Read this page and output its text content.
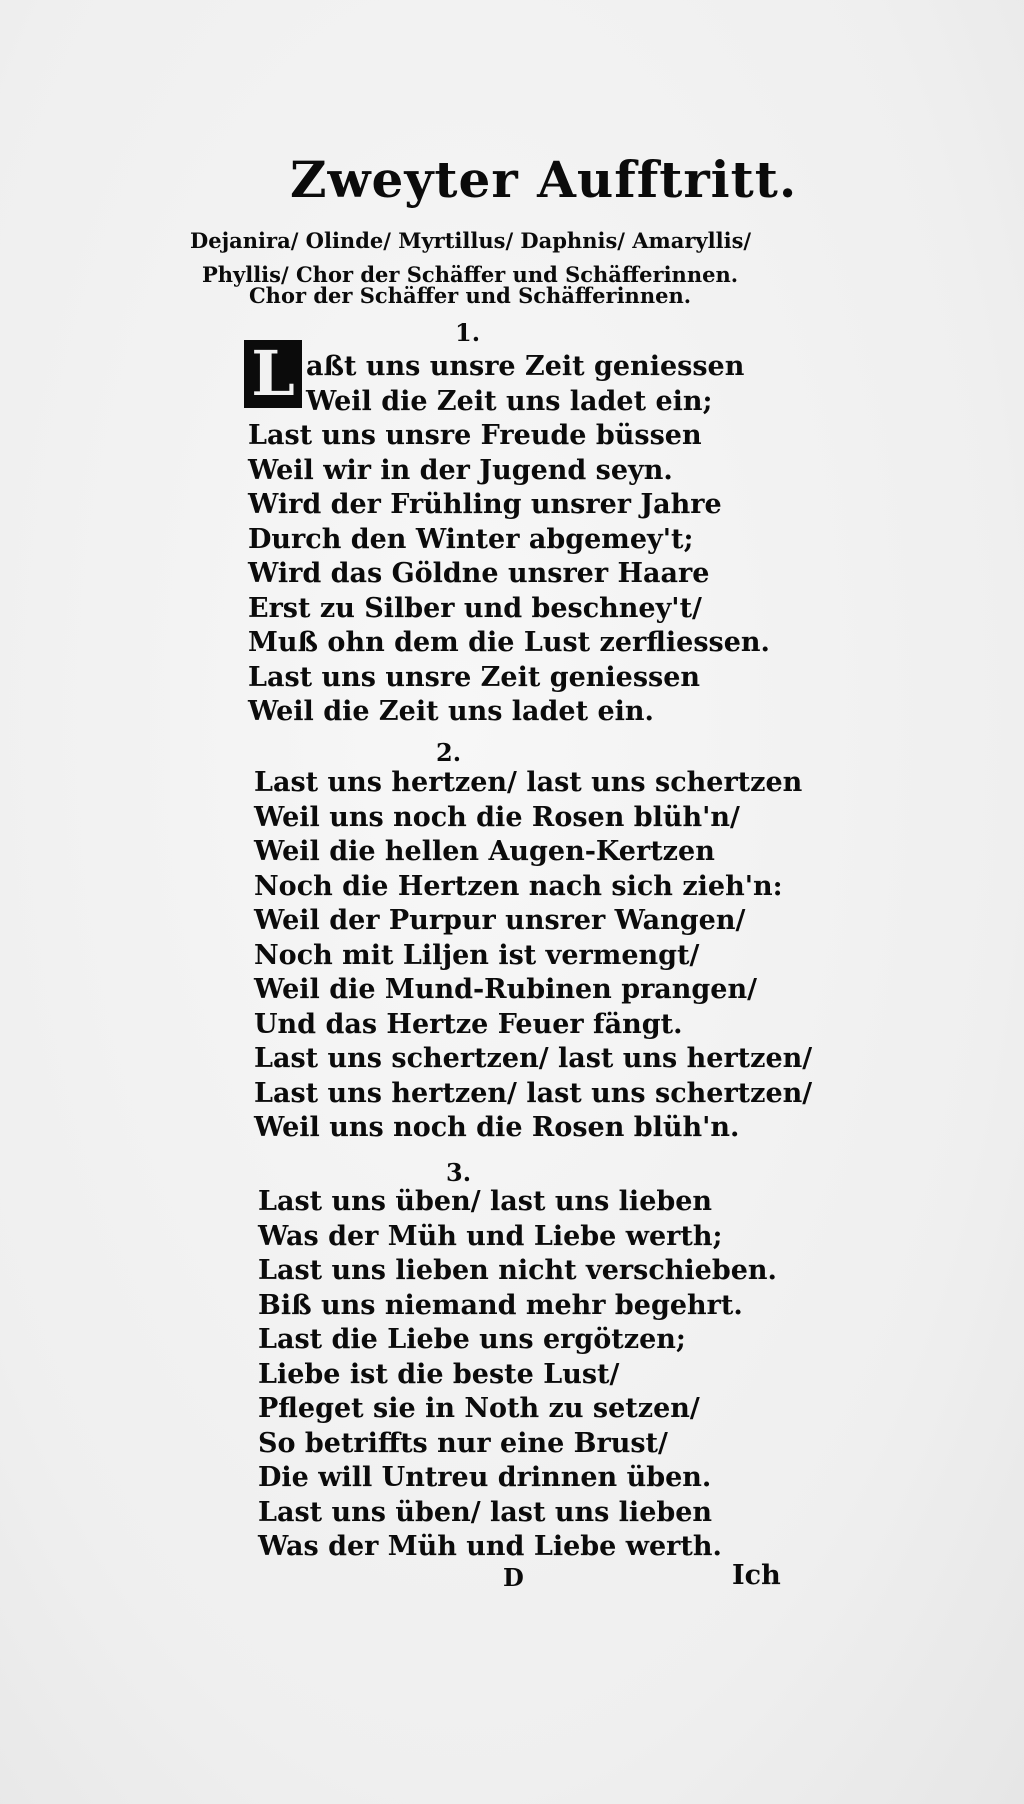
Zweyter Aufftritt.
Dejanira/ Olinde/ Myrtillus/ Daphnis/ Amaryllis/
Phyllis/ Chor der Schäffer und Schäfferinnen.
Chor der Schäffer und Schäfferinnen.
1.
L aßt uns unsre Zeit geniessen
Weil die Zeit uns ladet ein;
Last uns unsre Freude büssen
Weil wir in der Jugend seyn.
Wird der Frühling unsrer Jahre
Durch den Winter abgemey't;
Wird das Göldne unsrer Haare
Erst zu Silber und beschney't/
Muß ohn dem die Lust zerfliessen.
Last uns unsre Zeit geniessen
Weil die Zeit uns ladet ein.
2.
Last uns hertzen/ last uns schertzen
Weil uns noch die Rosen blüh'n/
Weil die hellen Augen-Kertzen
Noch die Hertzen nach sich zieh'n:
Weil der Purpur unsrer Wangen/
Noch mit Liljen ist vermengt/
Weil die Mund-Rubinen prangen/
Und das Hertze Feuer fängt.
Last uns schertzen/ last uns hertzen/
Last uns hertzen/ last uns schertzen/
Weil uns noch die Rosen blüh'n.
3.
Last uns üben/ last uns lieben
Was der Müh und Liebe werth;
Last uns lieben nicht verschieben.
Biß uns niemand mehr begehrt.
Last die Liebe uns ergötzen;
Liebe ist die beste Lust/
Pfleget sie in Noth zu setzen/
So betriffts nur eine Brust/
Die will Untreu drinnen üben.
Last uns üben/ last uns lieben
Was der Müh und Liebe werth.
D	Ich
